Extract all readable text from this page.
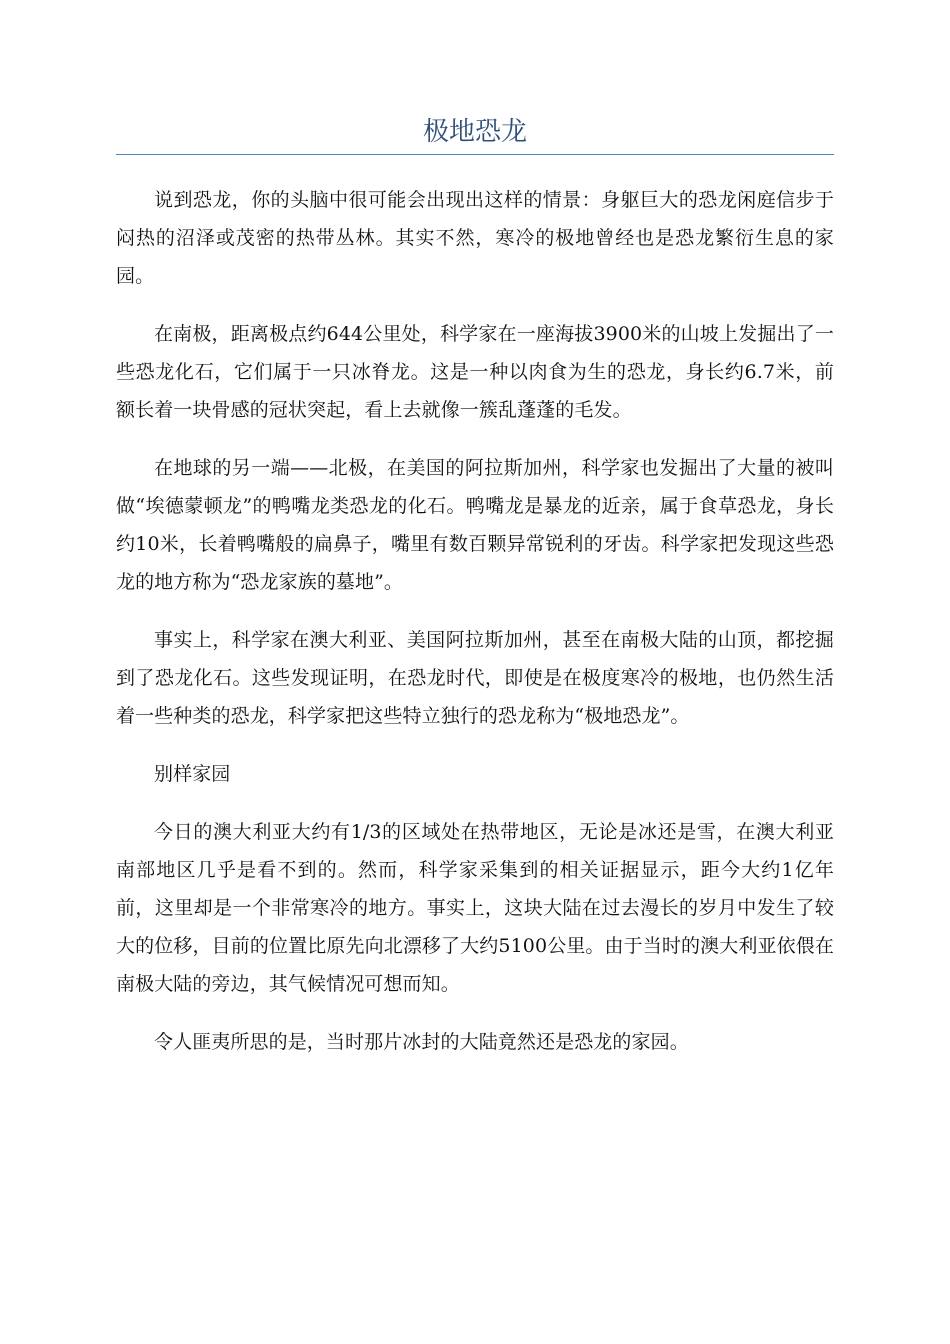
极地恐龙

说到恐龙，你的头脑中很可能会出现出这样的情景：身躯巨大的恐龙闲庭信步于闷热的沼泽或茂密的热带丛林。其实不然，寒冷的极地曾经也是恐龙繁衍生息的家园。

在南极，距离极点约644公里处，科学家在一座海拔3900米的山坡上发掘出了一些恐龙化石，它们属于一只冰脊龙。这是一种以肉食为生的恐龙，身长约6.7米，前额长着一块骨感的冠状突起，看上去就像一簇乱蓬蓬的毛发。

在地球的另一端——北极，在美国的阿拉斯加州，科学家也发掘出了大量的被叫做“埃德蒙顿龙”的鸭嘴龙类恐龙的化石。鸭嘴龙是暴龙的近亲，属于食草恐龙，身长约10米，长着鸭嘴般的扁鼻子，嘴里有数百颗异常锐利的牙齿。科学家把发现这些恐龙的地方称为“恐龙家族的墓地”。

事实上，科学家在澳大利亚、美国阿拉斯加州，甚至在南极大陆的山顶，都挖掘到了恐龙化石。这些发现证明，在恐龙时代，即使是在极度寒冷的极地，也仍然生活着一些种类的恐龙，科学家把这些特立独行的恐龙称为“极地恐龙”。

别样家园

今日的澳大利亚大约有1/3的区域处在热带地区，无论是冰还是雪，在澳大利亚南部地区几乎是看不到的。然而，科学家采集到的相关证据显示，距今大约1亿年前，这里却是一个非常寒冷的地方。事实上，这块大陆在过去漫长的岁月中发生了较大的位移，目前的位置比原先向北漂移了大约5100公里。由于当时的澳大利亚依偎在南极大陆的旁边，其气候情况可想而知。

令人匪夷所思的是，当时那片冰封的大陆竟然还是恐龙的家园。
